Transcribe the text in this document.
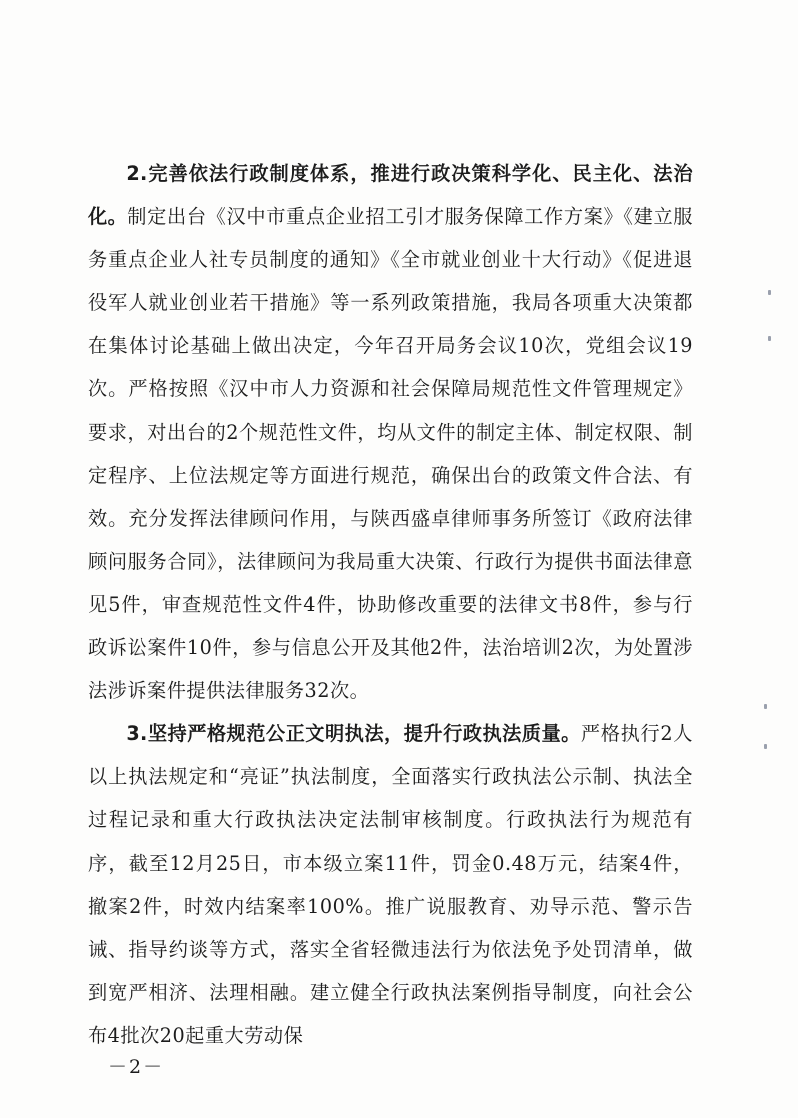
2.完善依法行政制度体系，推进行政决策科学化、民主化、法治化。制定出台《汉中市重点企业招工引才服务保障工作方案》《建立服务重点企业人社专员制度的通知》《全市就业创业十大行动》《促进退役军人就业创业若干措施》等一系列政策措施，我局各项重大决策都在集体讨论基础上做出决定，今年召开局务会议10次，党组会议19次。严格按照《汉中市人力资源和社会保障局规范性文件管理规定》要求，对出台的2个规范性文件，均从文件的制定主体、制定权限、制定程序、上位法规定等方面进行规范，确保出台的政策文件合法、有效。充分发挥法律顾问作用，与陕西盛卓律师事务所签订《政府法律顾问服务合同》，法律顾问为我局重大决策、行政行为提供书面法律意见5件，审查规范性文件4件，协助修改重要的法律文书8件，参与行政诉讼案件10件，参与信息公开及其他2件，法治培训2次，为处置涉法涉诉案件提供法律服务32次。

3.坚持严格规范公正文明执法，提升行政执法质量。严格执行2人以上执法规定和“亮证”执法制度，全面落实行政执法公示制、执法全过程记录和重大行政执法决定法制审核制度。行政执法行为规范有序，截至12月25日，市本级立案11件，罚金0.48万元，结案4件，撤案2件，时效内结案率100%。推广说服教育、劝导示范、警示告诫、指导约谈等方式，落实全省轻微违法行为依法免予处罚清单，做到宽严相济、法理相融。建立健全行政执法案例指导制度，向社会公布4批次20起重大劳动保

－2－
